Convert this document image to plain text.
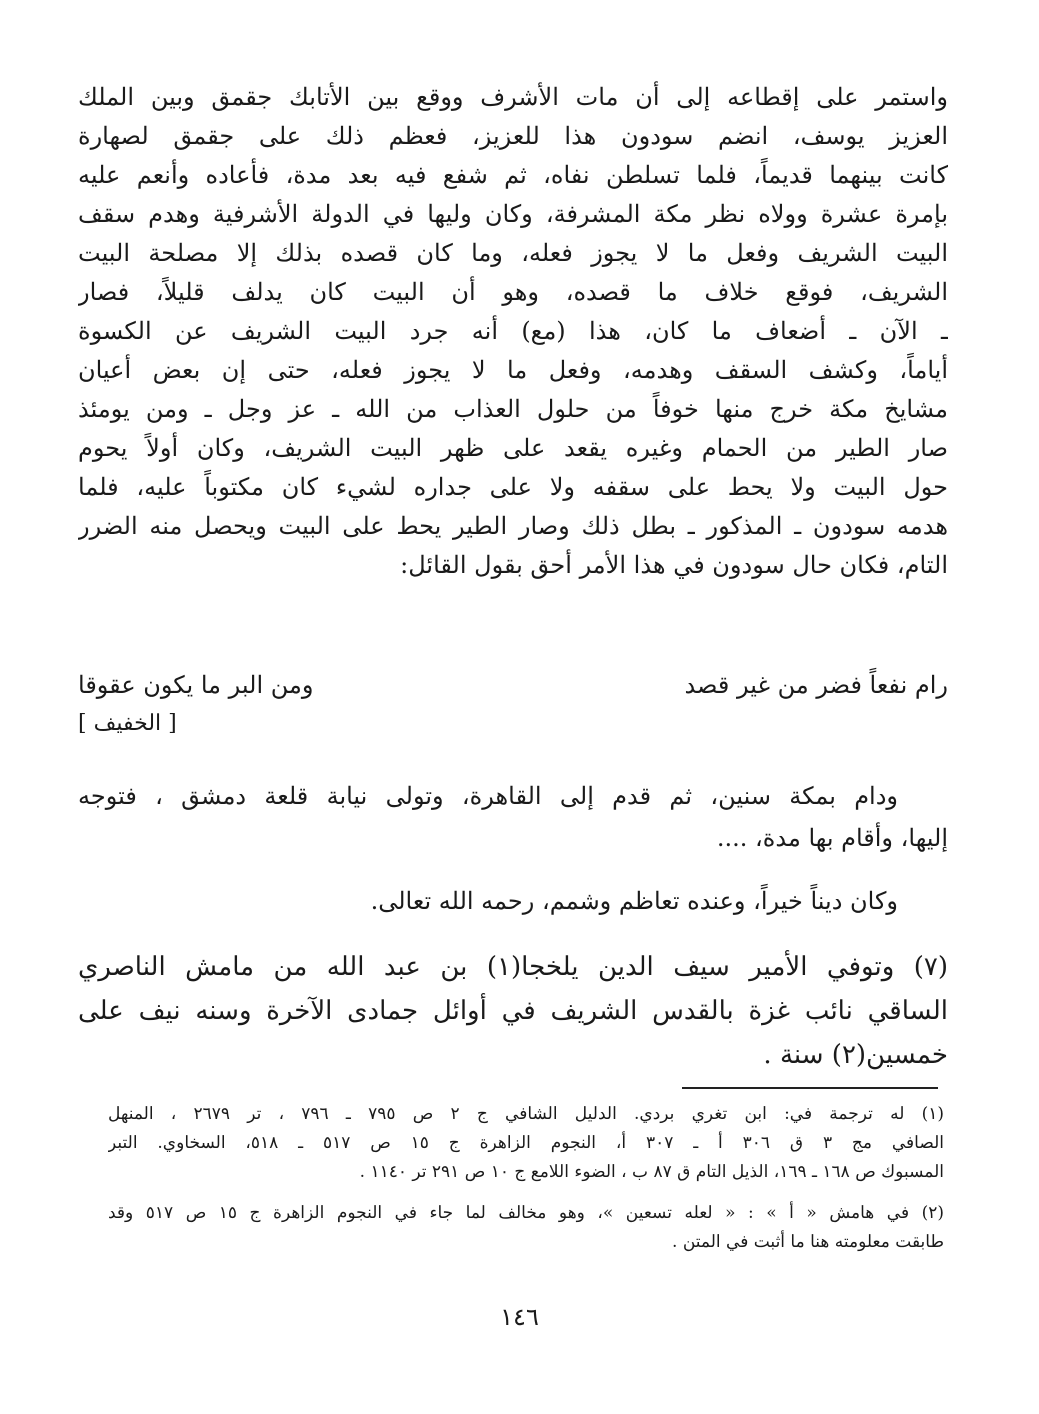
واستمر على إقطاعه إلى أن مات الأشرف ووقع بين الأتابك جقمق وبين الملك
العزيز يوسف، انضم سودون هذا للعزيز، فعظم ذلك على جقمق لصهارة
كانت بينهما قديماً، فلما تسلطن نفاه، ثم شفع فيه بعد مدة، فأعاده وأنعم عليه
بإمرة عشرة وولاه نظر مكة المشرفة، وكان وليها في الدولة الأشرفية وهدم سقف
البيت الشريف وفعل ما لا يجوز فعله، وما كان قصده بذلك إلا مصلحة البيت
الشريف، فوقع خلاف ما قصده، وهو أن البيت كان يدلف قليلاً، فصار
ـ الآن ـ أضعاف ما كان، هذا (مع) أنه جرد البيت الشريف عن الكسوة
أياماً، وكشف السقف وهدمه، وفعل ما لا يجوز فعله، حتى إن بعض أعيان
مشايخ مكة خرج منها خوفاً من حلول العذاب من الله ـ عز وجل ـ ومن يومئذ
صار الطير من الحمام وغيره يقعد على ظهر البيت الشريف، وكان أولاً يحوم
حول البيت ولا يحط على سقفه ولا على جداره لشيء كان مكتوباً عليه، فلما
هدمه سودون ـ المذكور ـ بطل ذلك وصار الطير يحط على البيت ويحصل منه الضرر
التام، فكان حال سودون في هذا الأمر أحق بقول القائل:
رام نفعاً فضر من غير قصد
ومن البر ما يكون عقوقا
[ الخفيف ]
ودام بمكة سنين، ثم قدم إلى القاهرة، وتولى نيابة قلعة دمشق ، فتوجه
إليها، وأقام بها مدة، ....
وكان ديناً خيراً، وعنده تعاظم وشمم، رحمه الله تعالى.
(٧) وتوفي الأمير سيف الدين يلخجا(١) بن عبد الله من مامش الناصري
الساقي نائب غزة بالقدس الشريف في أوائل جمادى الآخرة وسنه نيف على
خمسين(٢) سنة .
(١) له ترجمة في: ابن تغري بردي. الدليل الشافي ج ٢ ص ٧٩٥ ـ ٧٩٦ ، تر ٢٦٧٩ ، المنهل
الصافي مج ٣ ق ٣٠٦ أ ـ ٣٠٧ أ، النجوم الزاهرة ج ١٥ ص ٥١٧ ـ ٥١٨، السخاوي. التبر
المسبوك ص ١٦٨ ـ ١٦٩، الذيل التام ق ٨٧ ب ، الضوء اللامع ج ١٠ ص ٢٩١ تر ١١٤٠ .
(٢) في هامش « أ » : « لعله تسعين »، وهو مخالف لما جاء في النجوم الزاهرة ج ١٥ ص ٥١٧ وقد
طابقت معلومته هنا ما أثبت في المتن .
١٤٦
